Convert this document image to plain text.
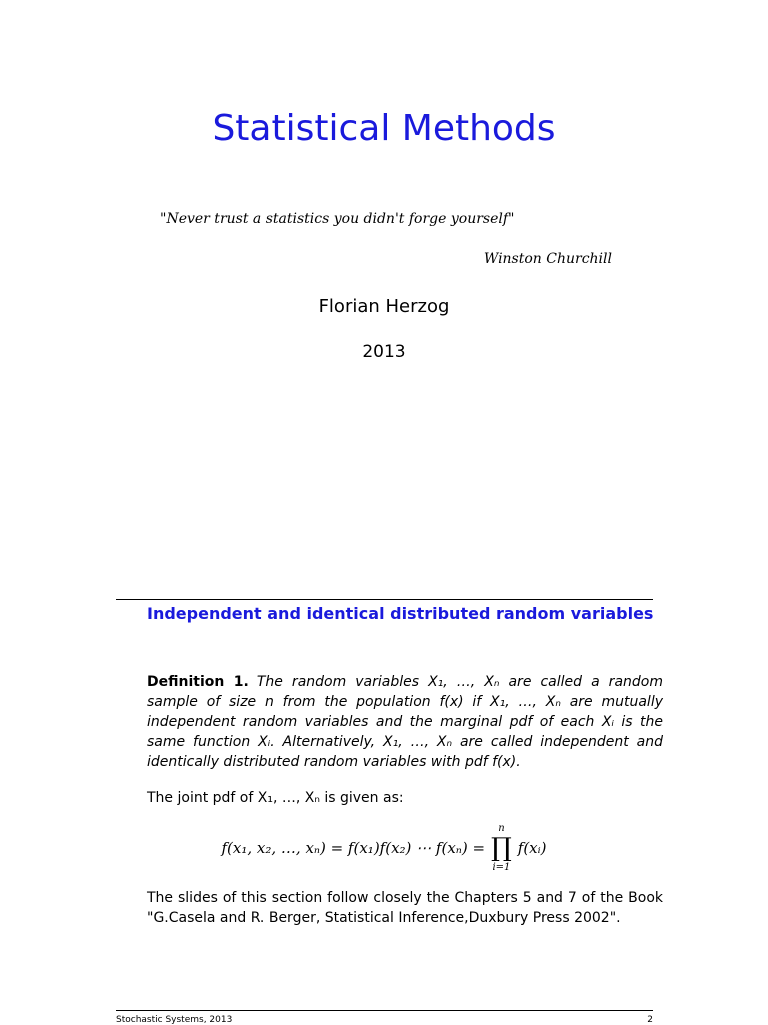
Statistical Methods
"Never trust a statistics you didn't forge yourself"
Winston Churchill
Florian Herzog
2013
Independent and identical distributed random variables
Definition 1. The random variables X₁, …, Xₙ are called a random sample of size n from the population f(x) if X₁, …, Xₙ are mutually independent random variables and the marginal pdf of each Xᵢ is the same function Xᵢ. Alternatively, X₁, …, Xₙ are called independent and identically distributed random variables with pdf f(x).
The joint pdf of X₁, …, Xₙ is given as:
f(x₁, x₂, …, xₙ) = f(x₁)f(x₂) ⋯ f(xₙ) =
n
∏
i=1
f(xᵢ)
The slides of this section follow closely the Chapters 5 and 7 of the Book "G.Casela and R. Berger, Statistical Inference,Duxbury Press 2002".
Stochastic Systems, 2013	2
